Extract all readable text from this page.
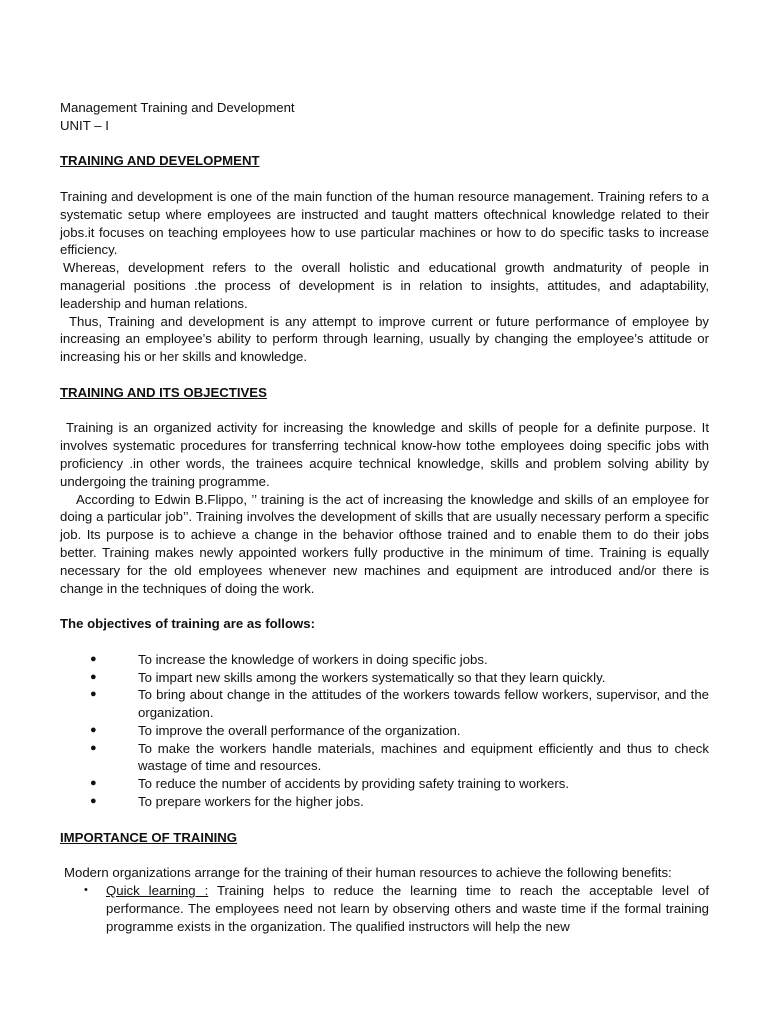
Management Training and Development

UNIT – I

TRAINING AND DEVELOPMENT

Training and development is one of the main function of the human resource management. Training refers to a systematic setup where employees are instructed and taught matters oftechnical knowledge related to their jobs.it focuses on teaching employees how to use particular machines or how to do specific tasks to increase efficiency.

Whereas, development refers to the overall holistic and educational growth andmaturity of people in managerial positions .the process of development is in relation to insights, attitudes, and adaptability, leadership and human relations.

Thus, Training and development is any attempt to improve current or future performance of employee by increasing an employee’s ability to perform through learning, usually by changing the employee’s attitude or increasing his or her skills and knowledge.

TRAINING AND ITS OBJECTIVES

Training is an organized activity for increasing the knowledge and skills of people for a definite purpose. It involves systematic procedures for transferring technical know-how tothe employees doing specific jobs with proficiency .in other words, the trainees acquire technical knowledge, skills and problem solving ability by undergoing the training programme.

According to Edwin B.Flippo, ’’ training is the act of increasing the knowledge and skills of an employee for doing a particular job’’. Training involves the development of skills that are usually necessary perform a specific job. Its purpose is to achieve a change in the behavior ofthose trained and to enable them to do their jobs better. Training makes newly appointed workers fully productive in the minimum of time. Training is equally necessary for the old employees whenever new machines and equipment are introduced and/or there is change in the techniques of doing the work.

The objectives of training are as follows:

●	To increase the knowledge of workers in doing specific jobs.
●	To impart new skills among the workers systematically so that they learn quickly.
●	To bring about change in the attitudes of the workers towards fellow workers, supervisor, and the organization.
●	To improve the overall performance of the organization.
●	To make the workers handle materials, machines and equipment efficiently and thus to check wastage of time and resources.
●	To reduce the number of accidents by providing safety training to workers.
●	To prepare workers for the higher jobs.

IMPORTANCE OF TRAINING

Modern organizations arrange for the training of their human resources to achieve the following benefits:

• Quick learning : Training helps to reduce the learning time to reach the acceptable level of performance. The employees need not learn by observing others and waste time if the formal training programme exists in the organization. The qualified instructors will help the new
